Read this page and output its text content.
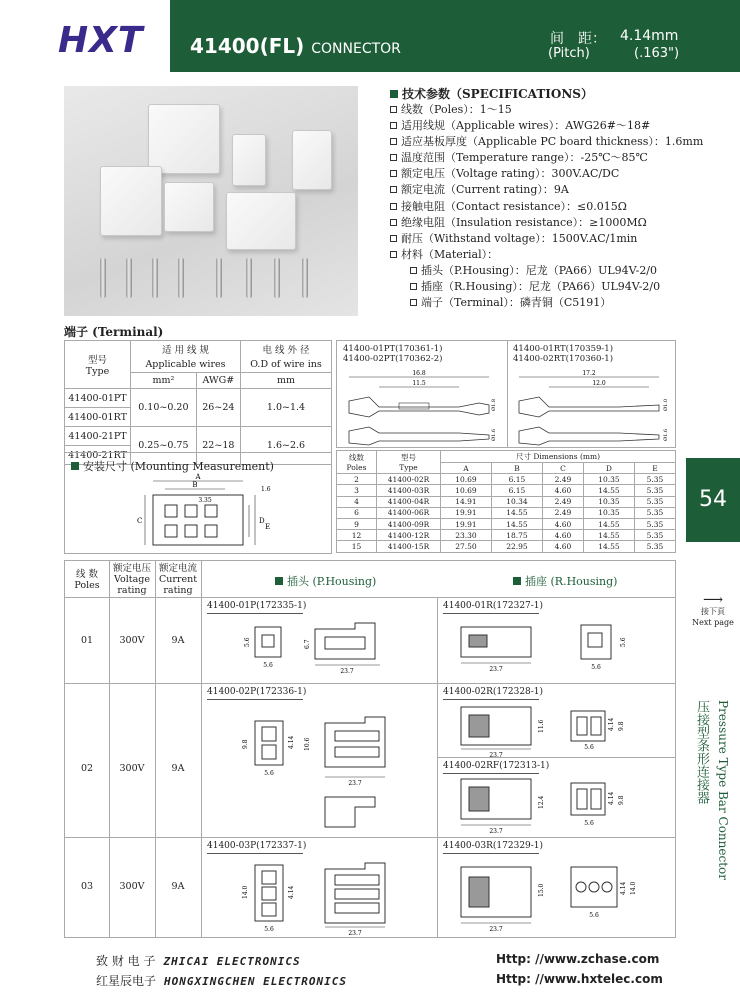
HXT 41400(FL) CONNECTOR
间　距： 4.14mm
(Pitch)	(.163")
技术参数（SPECIFICATIONS）
线数（Poles）：1～15
适用线规（Applicable wires）：AWG26#～18#
适应基板厚度（Applicable PC board thickness）：1.6mm
温度范围（Temperature range）：-25℃～85℃
额定电压（Voltage rating）：300V.AC/DC
额定电流（Current rating）：9A
接触电阻（Contact resistance）：≤0.015Ω
绝缘电阻（Insulation resistance）：≥1000MΩ
耐压（Withstand voltage）：1500V.AC/1min
材料（Material）：
插头（P.Housing）：尼龙（PA66）UL94V-2/0
插座（R.Housing）：尼龙（PA66）UL94V-2/0
端子（Terminal）：磷青铜（C5191）
端子 (Terminal)
型号
Type	适 用 线 规		电 线 外 径
	Applicable wires		O.D of wire ins
	mm²	AWG#	mm
41400-01PT	0.10~0.20	26~24	1.0~1.4
41400-01RT			
41400-21PT	0.25~0.75	22~18	1.6~2.6
41400-21RT			
安装尺寸 (Mounting Measurement)
A
B
3.35
1.6
C	D
E
41400-01PT(170361-1)
41400-02PT(170362-2)
41400-01RT(170359-1)
41400-02RT(170360-1)
16.8
11.5
Ø1.8
Ø1.6
17.2
12.0
Ø1.0
Ø1.6
线数
Poles	型号
Type	尺寸 Dimensions (mm)				
		A	B	C	D	E
2	41400-02R	10.69	6.15	2.49	10.35	5.35
3	41400-03R	10.69	6.15	4.60	14.55	5.35
4	41400-04R	14.91	10.34	2.49	10.35	5.35
6	41400-06R	19.91	14.55	2.49	10.35	5.35
9	41400-09R	19.91	14.55	4.60	14.55	5.35
12	41400-12R	23.30	18.75	4.60	14.55	5.35
15	41400-15R	27.50	22.95	4.60	14.55	5.35
54
⟶
接下頁
Next page
压接型条形连接器 Pressure Type Bar Connector
线 数
Poles
额定电压
Voltage
rating
额定电流
Current
rating
插头 (P.Housing)	插座 (R.Housing)
01	300V	9A
41400-01P(172335-1)	41400-01R(172327-1)
5.6	6.7
5.6
23.7	23.7
5.6
5.6
02	300V	9A
41400-02P(172336-1)	41400-02R(172328-1)
41400-02RF(172313-1)
9.8	4.14 10.6
5.6
23.7
11.6
23.7
4.14 9.8
5.6
12.4
23.7
4.14 9.8
5.6
03	300V	9A
41400-03P(172337-1)	41400-03R(172329-1)
14.0	4.14
5.6
23.7
15.0
23.7
4.14 14.0
5.6
致 财 电 子 ZHICAI ELECTRONICS
红星辰电子 HONGXINGCHEN ELECTRONICS
Http: //www.zchase.com
Http: //www.hxtelec.com
